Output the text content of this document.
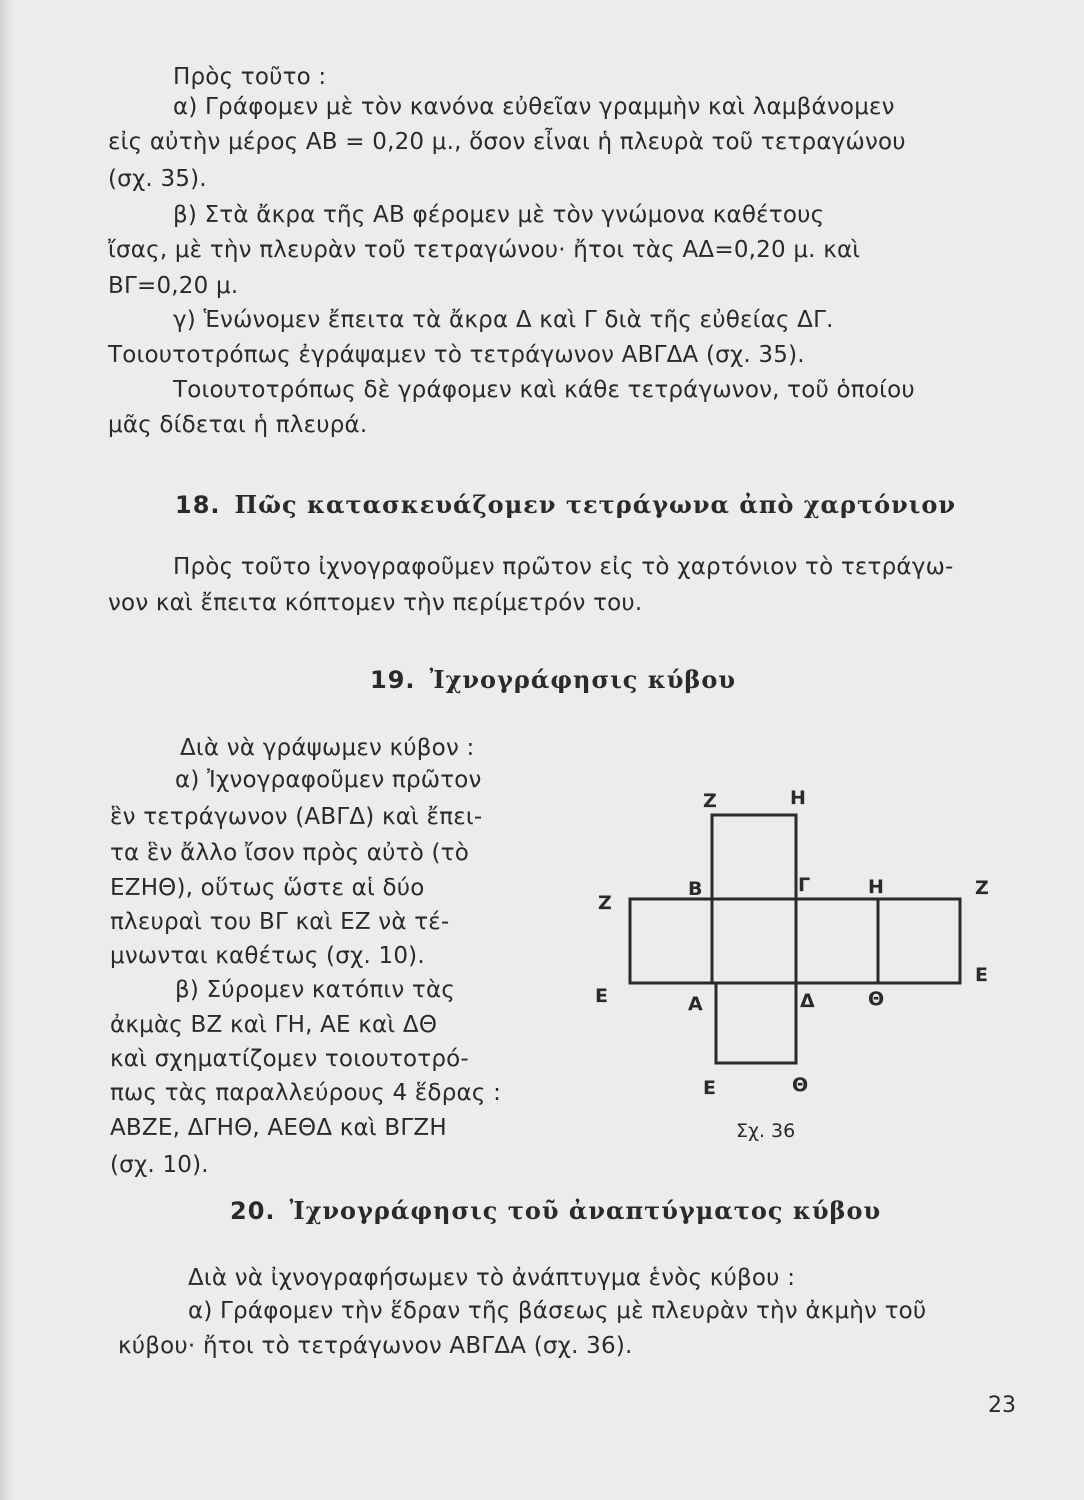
Πρὸς τοῦτο :
α) Γράφομεν μὲ τὸν κανόνα εὐθεῖαν γραμμὴν καὶ λαμβάνομεν
εἰς αὐτὴν μέρος ΑΒ = 0,20 μ., ὅσον εἶναι ἡ πλευρὰ τοῦ τετραγώνου
(σχ. 35).
β) Στὰ ἄκρα τῆς ΑΒ φέρομεν μὲ τὸν γνώμονα καθέτους
ἴσας, μὲ τὴν πλευρὰν τοῦ τετραγώνου· ἤτοι τὰς ΑΔ=0,20 μ. καὶ
ΒΓ=0,20 μ.
γ) Ἑνώνομεν ἔπειτα τὰ ἄκρα Δ καὶ Γ διὰ τῆς εὐθείας ΔΓ.
Τοιουτοτρόπως ἐγράψαμεν τὸ τετράγωνον ΑΒΓΔΑ (σχ. 35).
Τοιουτοτρόπως δὲ γράφομεν καὶ κάθε τετράγωνον, τοῦ ὁποίου
μᾶς δίδεται ἡ πλευρά.
18. Πῶς κατασκευάζομεν τετράγωνα ἀπὸ χαρτόνιον
Πρὸς τοῦτο ἰχνογραφοῦμεν πρῶτον εἰς τὸ χαρτόνιον τὸ τετράγω-
νον καὶ ἔπειτα κόπτομεν τὴν περίμετρόν του.
19. Ἰχνογράφησις κύβου
Διὰ νὰ γράψωμεν κύβον :
α) Ἰχνογραφοῦμεν πρῶτον
ἓν τετράγωνον (ΑΒΓΔ) καὶ ἔπει-
τα ἓν ἄλλο ἴσον πρὸς αὐτὸ (τὸ
ΕΖΗΘ), οὕτως ὥστε αἱ δύο
πλευραὶ του ΒΓ καὶ ΕΖ νὰ τέ-
μνωνται καθέτως (σχ. 10).
β) Σύρομεν κατόπιν τὰς
ἀκμὰς ΒΖ καὶ ΓΗ, ΑΕ καὶ ΔΘ
καὶ σχηματίζομεν τοιουτοτρό-
πως τὰς παραλλεύρους 4 ἕδρας :
ΑΒΖΕ, ΔΓΗΘ, ΑΕΘΔ καὶ ΒΓΖΗ
(σχ. 10).
Ζ	Η
Ζ
Β	Γ	Η	Ζ
Ε
Ε	Α	Δ	Θ
Ε	Θ
Σχ. 36
20. Ἰχνογράφησις τοῦ ἀναπτύγματος κύβου
Διὰ νὰ ἰχνογραφήσωμεν τὸ ἀνάπτυγμα ἑνὸς κύβου :
α) Γράφομεν τὴν ἕδραν τῆς βάσεως μὲ πλευρὰν τὴν ἀκμὴν τοῦ
κύβου· ἤτοι τὸ τετράγωνον ΑΒΓΔΑ (σχ. 36).
23
